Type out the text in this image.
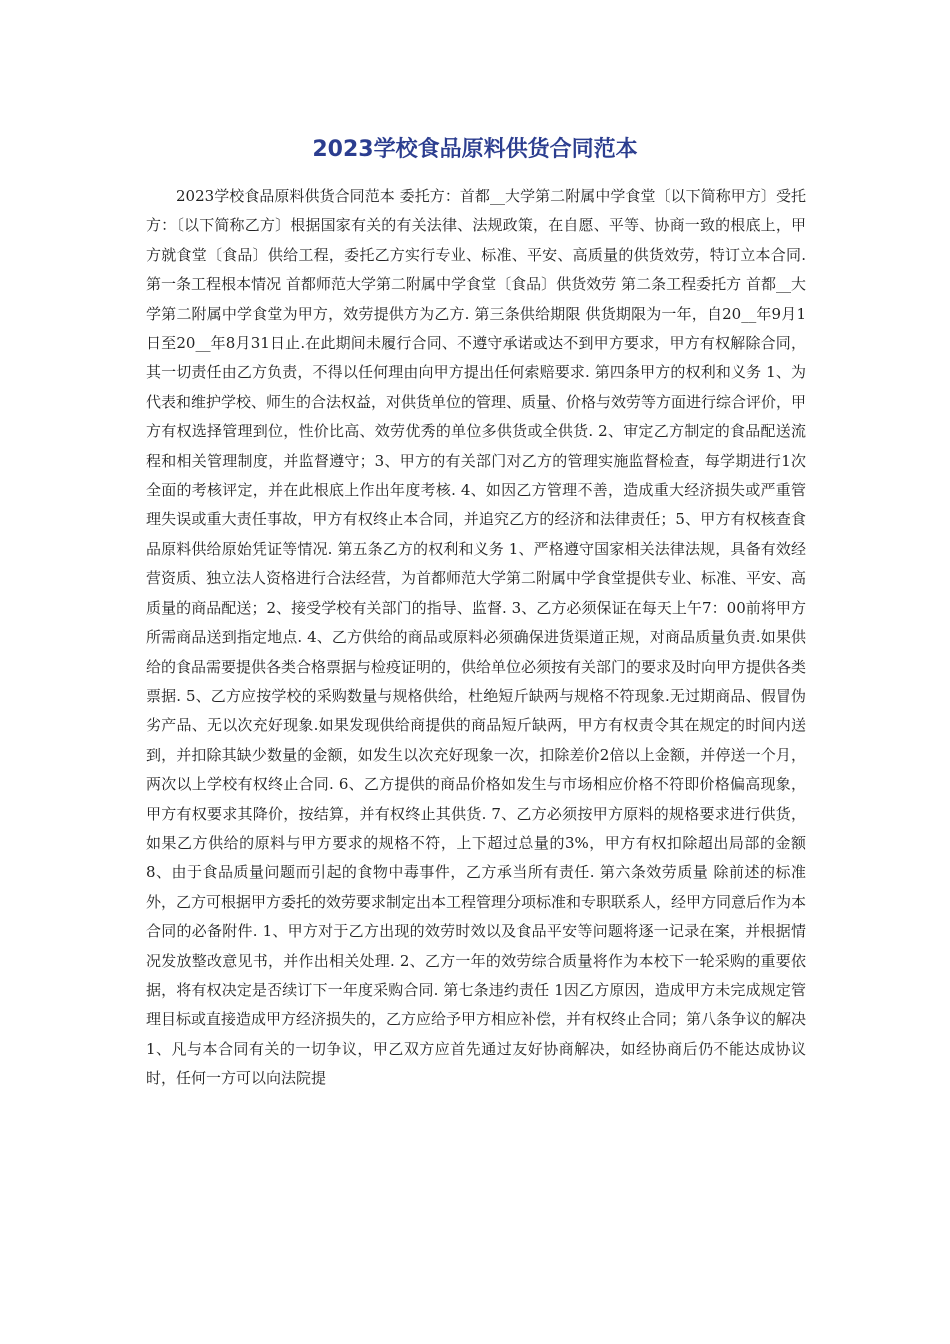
2023学校食品原料供货合同范本

2023学校食品原料供货合同范本 委托方：首都__大学第二附属中学食堂〔以下简称甲方〕受托方：〔以下简称乙方〕根据国家有关的有关法律、法规政策，在自愿、平等、协商一致的根底上，甲方就食堂〔食品〕供给工程，委托乙方实行专业、标准、平安、高质量的供货效劳，特订立本合同. 第一条工程根本情况 首都师范大学第二附属中学食堂〔食品〕供货效劳 第二条工程委托方 首都__大学第二附属中学食堂为甲方，效劳提供方为乙方. 第三条供给期限 供货期限为一年，自20__年9月1日至20__年8月31日止.在此期间未履行合同、不遵守承诺或达不到甲方要求，甲方有权解除合同，其一切责任由乙方负责，不得以任何理由向甲方提出任何索赔要求. 第四条甲方的权利和义务 1、为代表和维护学校、师生的合法权益，对供货单位的管理、质量、价格与效劳等方面进行综合评价，甲方有权选择管理到位，性价比高、效劳优秀的单位多供货或全供货. 2、审定乙方制定的食品配送流程和相关管理制度，并监督遵守；3、甲方的有关部门对乙方的管理实施监督检查，每学期进行1次全面的考核评定，并在此根底上作出年度考核. 4、如因乙方管理不善，造成重大经济损失或严重管理失误或重大责任事故，甲方有权终止本合同，并追究乙方的经济和法律责任；5、甲方有权核查食品原料供给原始凭证等情况. 第五条乙方的权利和义务 1、严格遵守国家相关法律法规，具备有效经营资质、独立法人资格进行合法经营，为首都师范大学第二附属中学食堂提供专业、标准、平安、高质量的商品配送；2、接受学校有关部门的指导、监督. 3、乙方必须保证在每天上午7：00前将甲方所需商品送到指定地点. 4、乙方供给的商品或原料必须确保进货渠道正规，对商品质量负责.如果供给的食品需要提供各类合格票据与检疫证明的，供给单位必须按有关部门的要求及时向甲方提供各类票据. 5、乙方应按学校的采购数量与规格供给，杜绝短斤缺两与规格不符现象.无过期商品、假冒伪劣产品、无以次充好现象.如果发现供给商提供的商品短斤缺两，甲方有权责令其在规定的时间内送到，并扣除其缺少数量的金额，如发生以次充好现象一次，扣除差价2倍以上金额，并停送一个月，两次以上学校有权终止合同. 6、乙方提供的商品价格如发生与市场相应价格不符即价格偏高现象，甲方有权要求其降价，按结算，并有权终止其供货. 7、乙方必须按甲方原料的规格要求进行供货，如果乙方供给的原料与甲方要求的规格不符，上下超过总量的3%，甲方有权扣除超出局部的金额 8、由于食品质量问题而引起的食物中毒事件，乙方承当所有责任. 第六条效劳质量 除前述的标准外，乙方可根据甲方委托的效劳要求制定出本工程管理分项标准和专职联系人，经甲方同意后作为本合同的必备附件. 1、甲方对于乙方出现的效劳时效以及食品平安等问题将逐一记录在案，并根据情况发放整改意见书，并作出相关处理. 2、乙方一年的效劳综合质量将作为本校下一轮采购的重要依据，将有权决定是否续订下一年度采购合同. 第七条违约责任 1因乙方原因，造成甲方未完成规定管理目标或直接造成甲方经济损失的，乙方应给予甲方相应补偿，并有权终止合同；第八条争议的解决 1、凡与本合同有关的一切争议，甲乙双方应首先通过友好协商解决，如经协商后仍不能达成协议时，任何一方可以向法院提
